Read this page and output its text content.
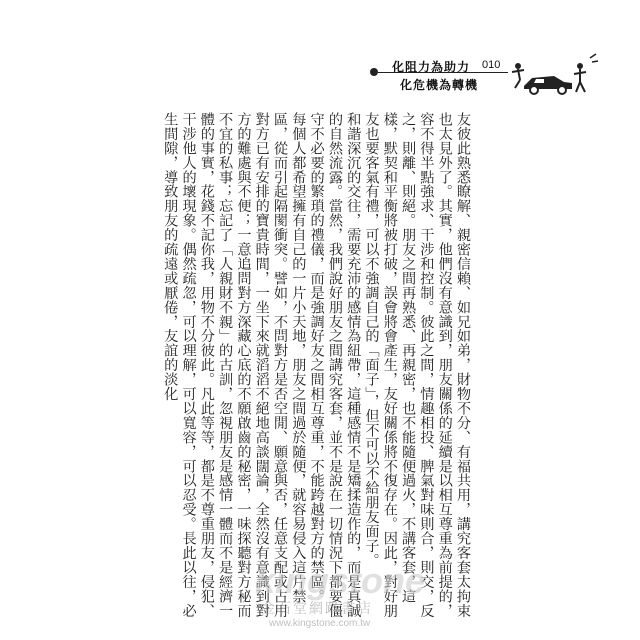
化阻力為助力 010
化危機為轉機

友彼此熟悉瞭解、親密信賴、如兄如弟，財物不分、有福共用，講究客套太拘束也太見外了。其實，他們沒有意識到，朋友關係的延續是以相互尊重為前提的，容不得半點強求、干涉和控制。彼此之間，情趣相投、脾氣對味則合，則交，反之，則離、則絕。朋友之間再熟悉、再親密，也不能隨便過火，不講客套，這樣，默契和平衡將被打破，誤會將會產生，友好關係將不復存在。因此，對好朋友也要客氣有禮，可以不強調自己的「面子」，但不可以不給朋友面子。

和諧深沉的交往，需要充沛的感情為紐帶，這種感情不是矯揉造作的，而是真誠的自然流露。當然，我們說好朋友之間講究客套，並不是說在一切情況下都要僵守不必要的繁瑣的禮儀，而是強調好友之間相互尊重，不能跨越對方的禁區。

每個人都希望擁有自己的一片小天地，朋友之間過於隨便，就容易侵入這片禁區，從而引起隔閡衝突。譬如，不問對方是否空閒、願意與否，任意支配或占用對方已有安排的寶貴時間，一坐下來就滔滔不絕地高談闊論，全然沒有意識到對方的難處與不便；一意追問對方深藏心底的不願啟齒的秘密，一味探聽對方秘而不宜的私事；忘記了「人親財不親」的古訓，忽視朋友是感情一體而不是經濟一體的事實，花錢不記你我，用物不分彼此。凡此等等，都是不尊重朋友，侵犯、干涉他人的壞現象。偶然疏忽，可以理解，可以寬容，可以忍受。長此以往，必生間隙，導致朋友的疏遠或厭倦，友誼的淡化

kingstone
金石堂網路書店
www.kingstone.com.tw
